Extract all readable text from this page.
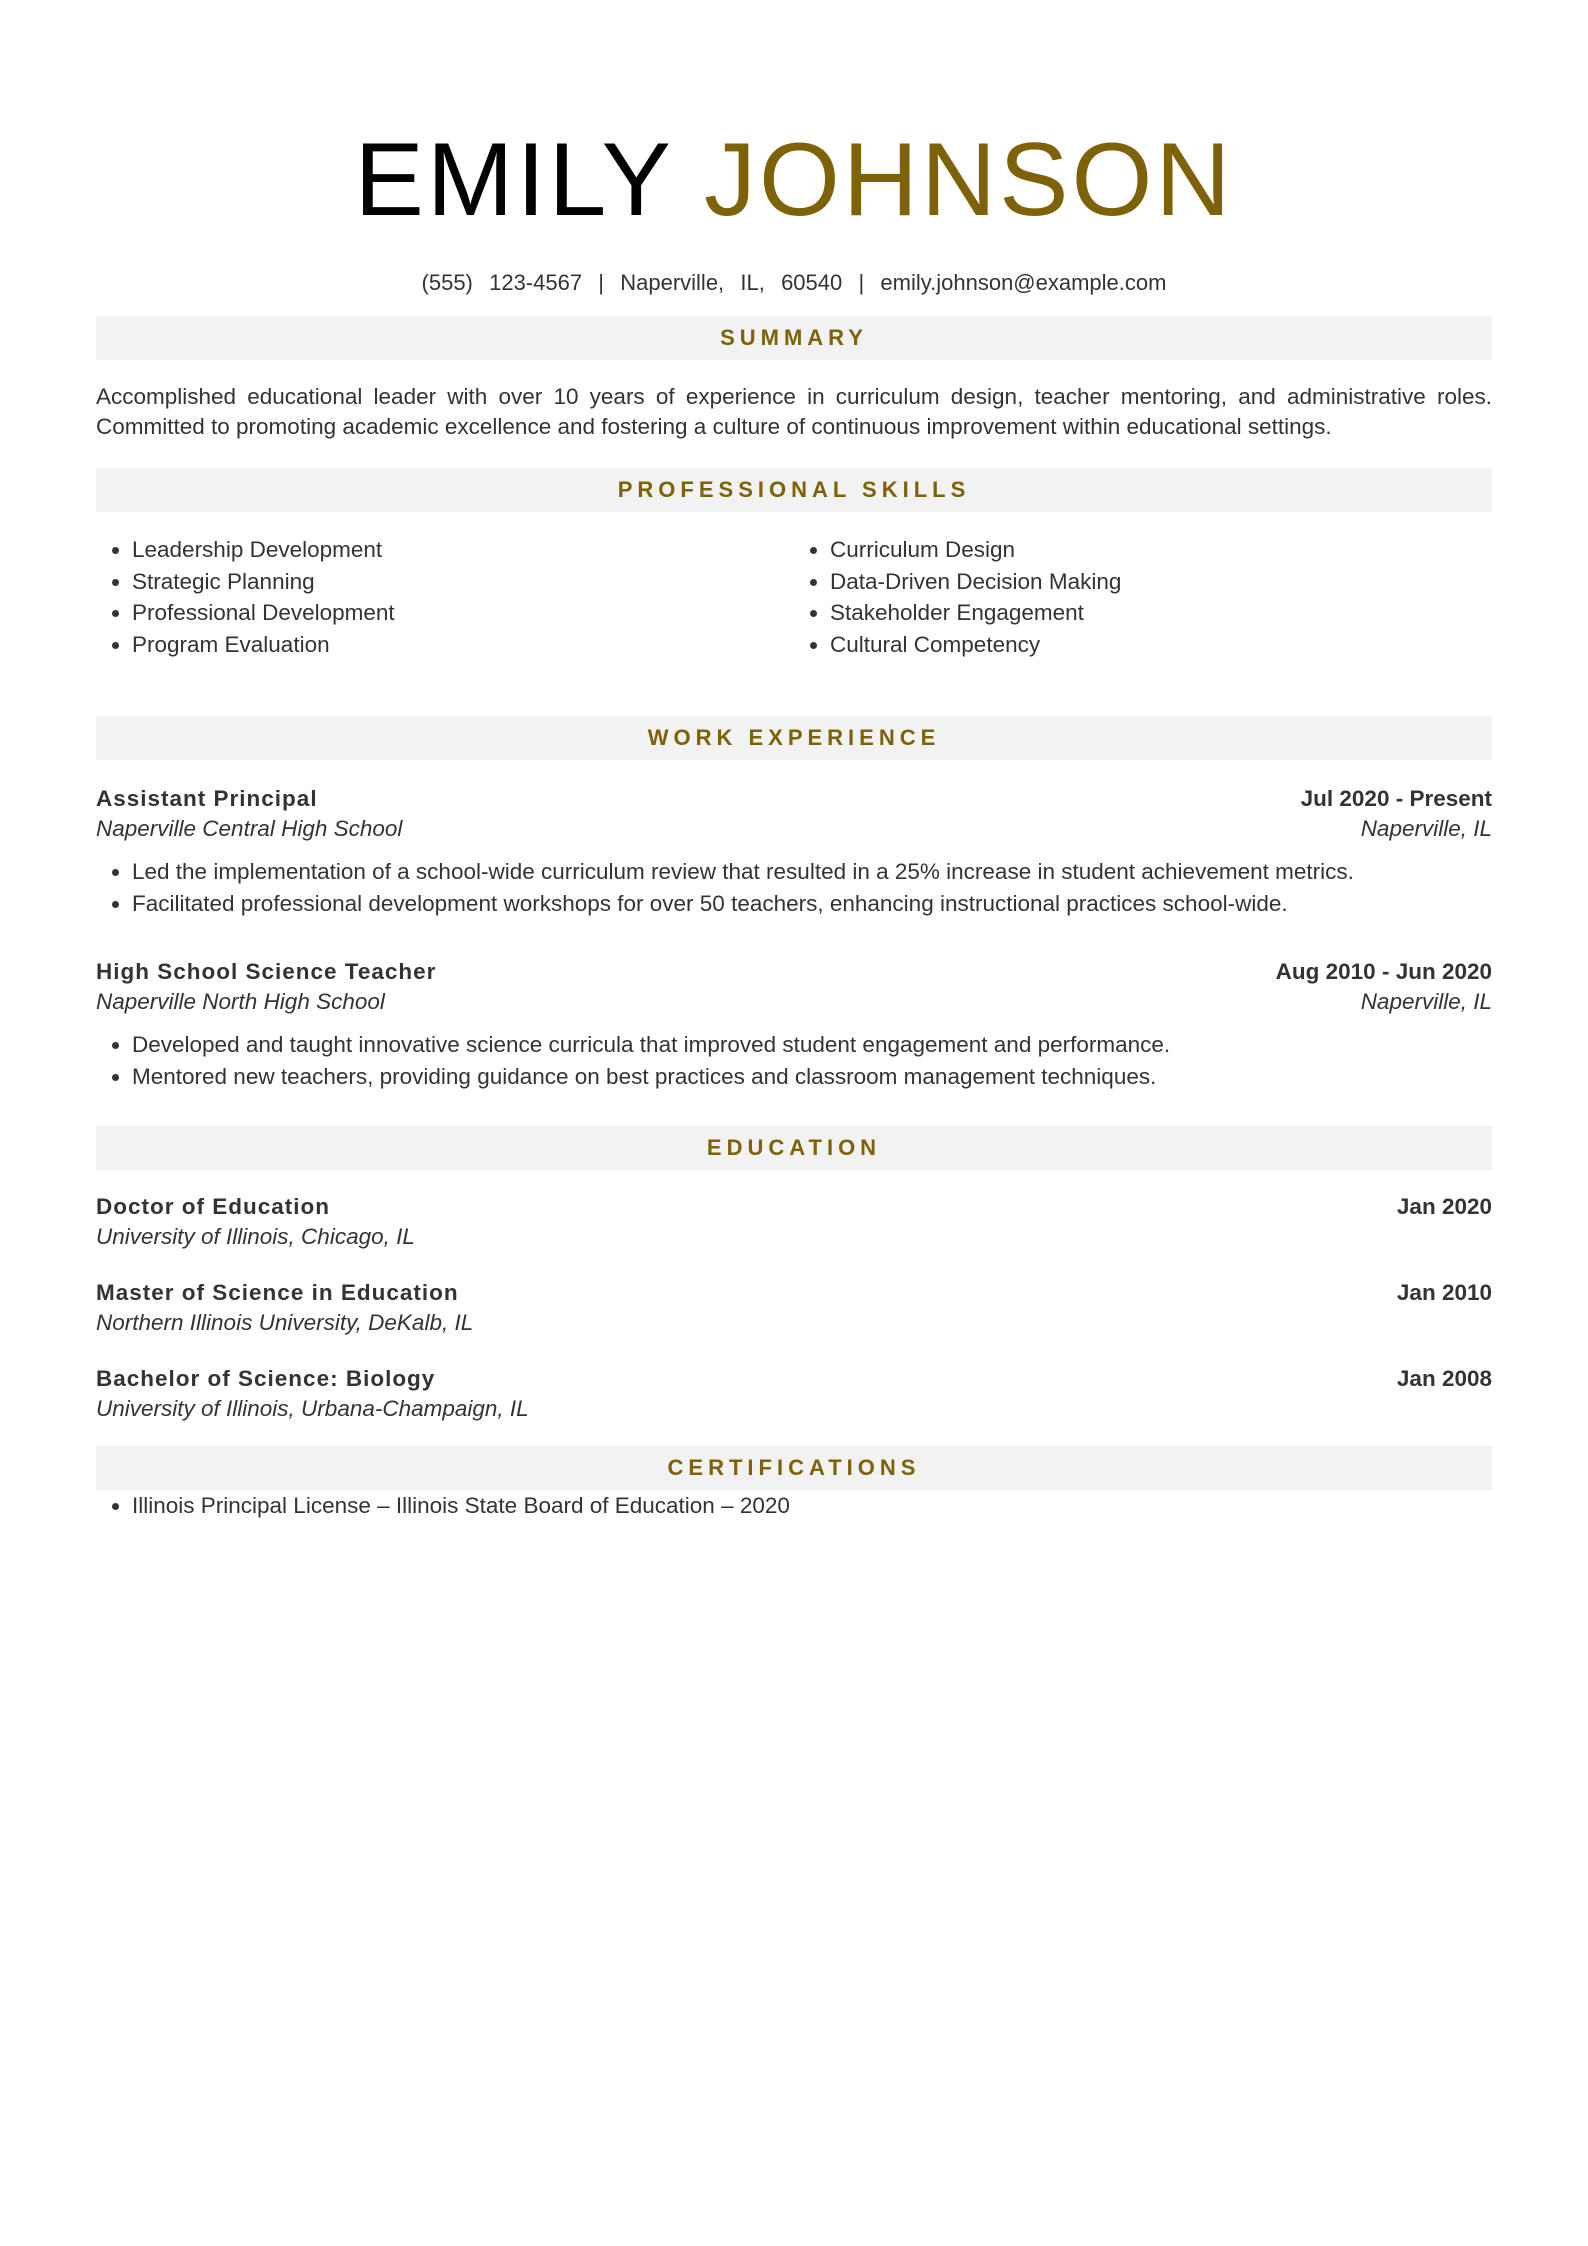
EMILY JOHNSON
(555)  123-4567  |  Naperville,  IL,  60540  |  emily.johnson@example.com
SUMMARY
Accomplished educational leader with over 10 years of experience in curriculum design, teacher mentoring, and administrative roles. Committed to promoting academic excellence and fostering a culture of continuous improvement within educational settings.
PROFESSIONAL SKILLS
• Leadership Development
• Strategic Planning
• Professional Development
• Program Evaluation
• Curriculum Design
• Data-Driven Decision Making
• Stakeholder Engagement
• Cultural Competency
WORK EXPERIENCE
Assistant Principal	Jul 2020 - Present
Naperville Central High School	Naperville, IL
• Led the implementation of a school-wide curriculum review that resulted in a 25% increase in student achievement metrics.
• Facilitated professional development workshops for over 50 teachers, enhancing instructional practices school-wide.
High School Science Teacher	Aug 2010 - Jun 2020
Naperville North High School	Naperville, IL
• Developed and taught innovative science curricula that improved student engagement and performance.
• Mentored new teachers, providing guidance on best practices and classroom management techniques.
EDUCATION
Doctor of Education	Jan 2020
University of Illinois, Chicago, IL
Master of Science in Education	Jan 2010
Northern Illinois University, DeKalb, IL
Bachelor of Science: Biology	Jan 2008
University of Illinois, Urbana-Champaign, IL
CERTIFICATIONS
• Illinois Principal License – Illinois State Board of Education – 2020
